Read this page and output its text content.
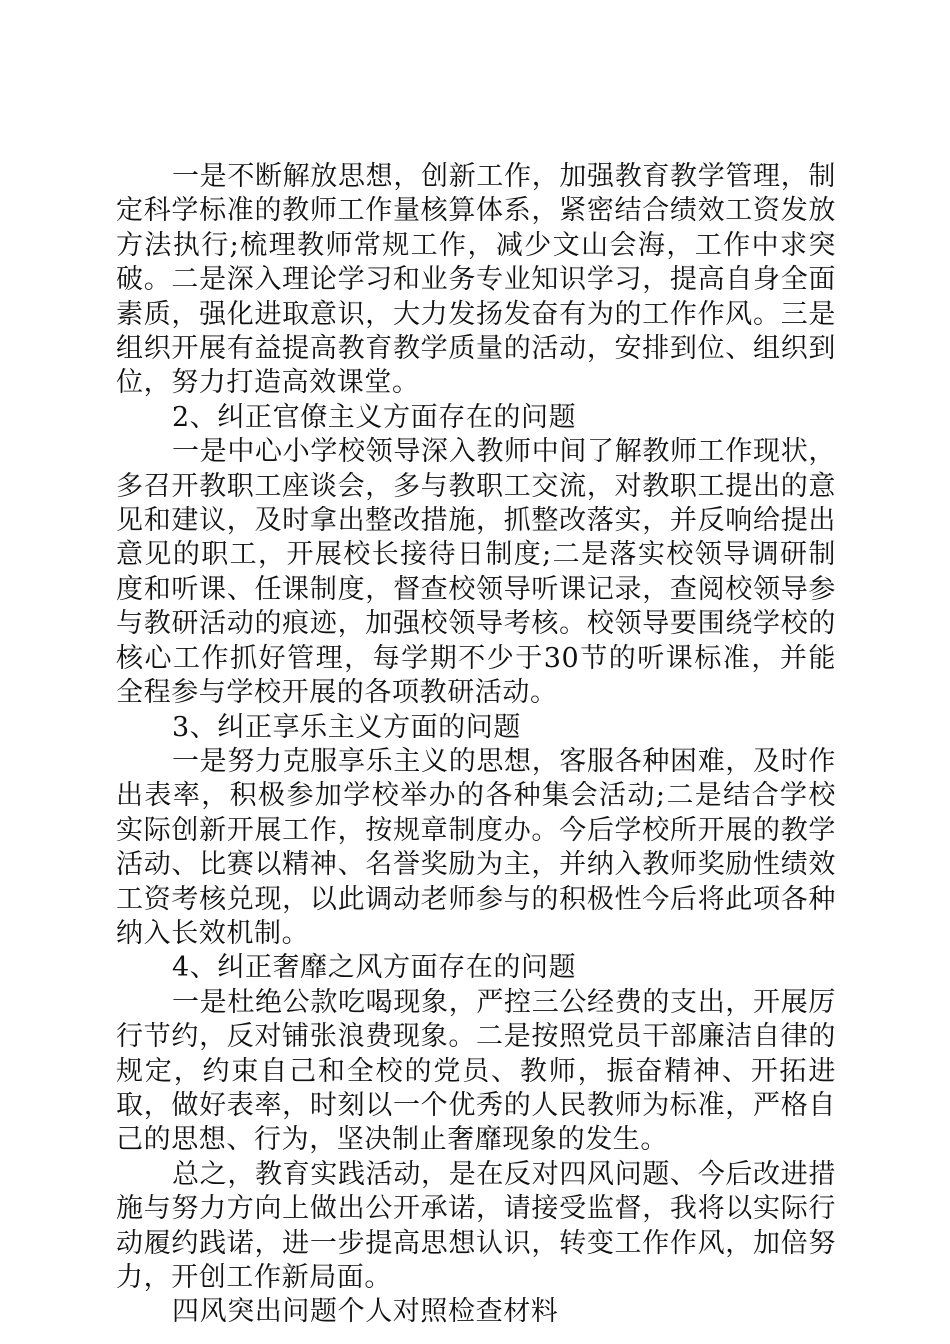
一是不断解放思想，创新工作，加强教育教学管理，制定科学标准的教师工作量核算体系，紧密结合绩效工资发放方法执行;梳理教师常规工作，减少文山会海，工作中求突破。二是深入理论学习和业务专业知识学习，提高自身全面素质，强化进取意识，大力发扬发奋有为的工作作风。三是组织开展有益提高教育教学质量的活动，安排到位、组织到位，努力打造高效课堂。

2、纠正官僚主义方面存在的问题

一是中心小学校领导深入教师中间了解教师工作现状，多召开教职工座谈会，多与教职工交流，对教职工提出的意见和建议，及时拿出整改措施，抓整改落实，并反响给提出意见的职工，开展校长接待日制度;二是落实校领导调研制度和听课、任课制度，督查校领导听课记录，查阅校领导参与教研活动的痕迹，加强校领导考核。校领导要围绕学校的核心工作抓好管理，每学期不少于30节的听课标准，并能全程参与学校开展的各项教研活动。

3、纠正享乐主义方面的问题

一是努力克服享乐主义的思想，客服各种困难，及时作出表率，积极参加学校举办的各种集会活动;二是结合学校实际创新开展工作，按规章制度办。今后学校所开展的教学活动、比赛以精神、名誉奖励为主，并纳入教师奖励性绩效工资考核兑现，以此调动老师参与的积极性今后将此项各种纳入长效机制。

4、纠正奢靡之风方面存在的问题

一是杜绝公款吃喝现象，严控三公经费的支出，开展厉行节约，反对铺张浪费现象。二是按照党员干部廉洁自律的规定，约束自己和全校的党员、教师，振奋精神、开拓进取，做好表率，时刻以一个优秀的人民教师为标准，严格自己的思想、行为，坚决制止奢靡现象的发生。

总之，教育实践活动，是在反对四风问题、今后改进措施与努力方向上做出公开承诺，请接受监督，我将以实际行动履约践诺，进一步提高思想认识，转变工作作风，加倍努力，开创工作新局面。

四风突出问题个人对照检查材料
